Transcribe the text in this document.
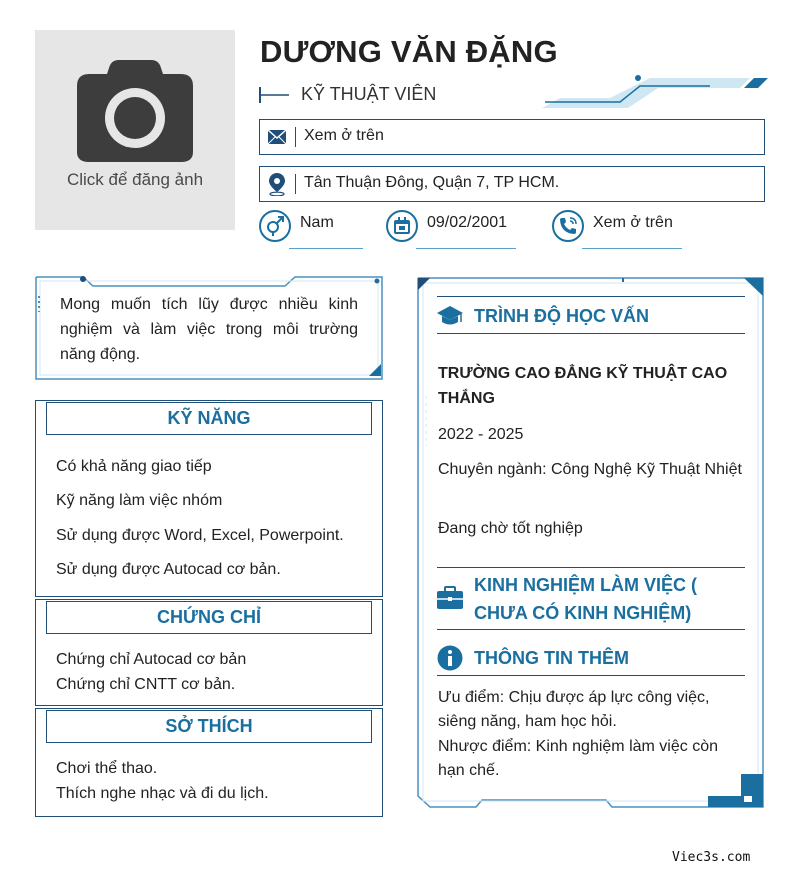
Click để đăng ảnh
DƯƠNG VĂN ĐẶNG
KỸ THUẬT VIÊN
Xem ở trên
Tân Thuận Đông, Quận 7, TP HCM.
Nam	09/02/2001	Xem ở trên
Mong muốn tích lũy được nhiều kinh nghiệm và làm việc trong môi trường năng động.
KỸ NĂNG
Có khả năng giao tiếp
Kỹ năng làm việc nhóm
Sử dụng được Word, Excel, Powerpoint.
Sử dụng được Autocad cơ bản.
CHỨNG CHỈ
Chứng chỉ Autocad cơ bản
Chứng chỉ CNTT cơ bản.
SỞ THÍCH
Chơi thể thao.
Thích nghe nhạc và đi du lịch.
TRÌNH ĐỘ HỌC VẤN
TRƯỜNG CAO ĐẲNG KỸ THUẬT CAO THẮNG
2022 - 2025
Chuyên ngành: Công Nghệ Kỹ Thuật Nhiệt
Đang chờ tốt nghiệp
KINH NGHIỆM LÀM VIỆC ( CHƯA CÓ KINH NGHIỆM)
THÔNG TIN THÊM
Ưu điểm: Chịu được áp lực công việc, siêng năng, ham học hỏi.
Nhược điểm: Kinh nghiệm làm việc còn hạn chế.
Viec3s.com
